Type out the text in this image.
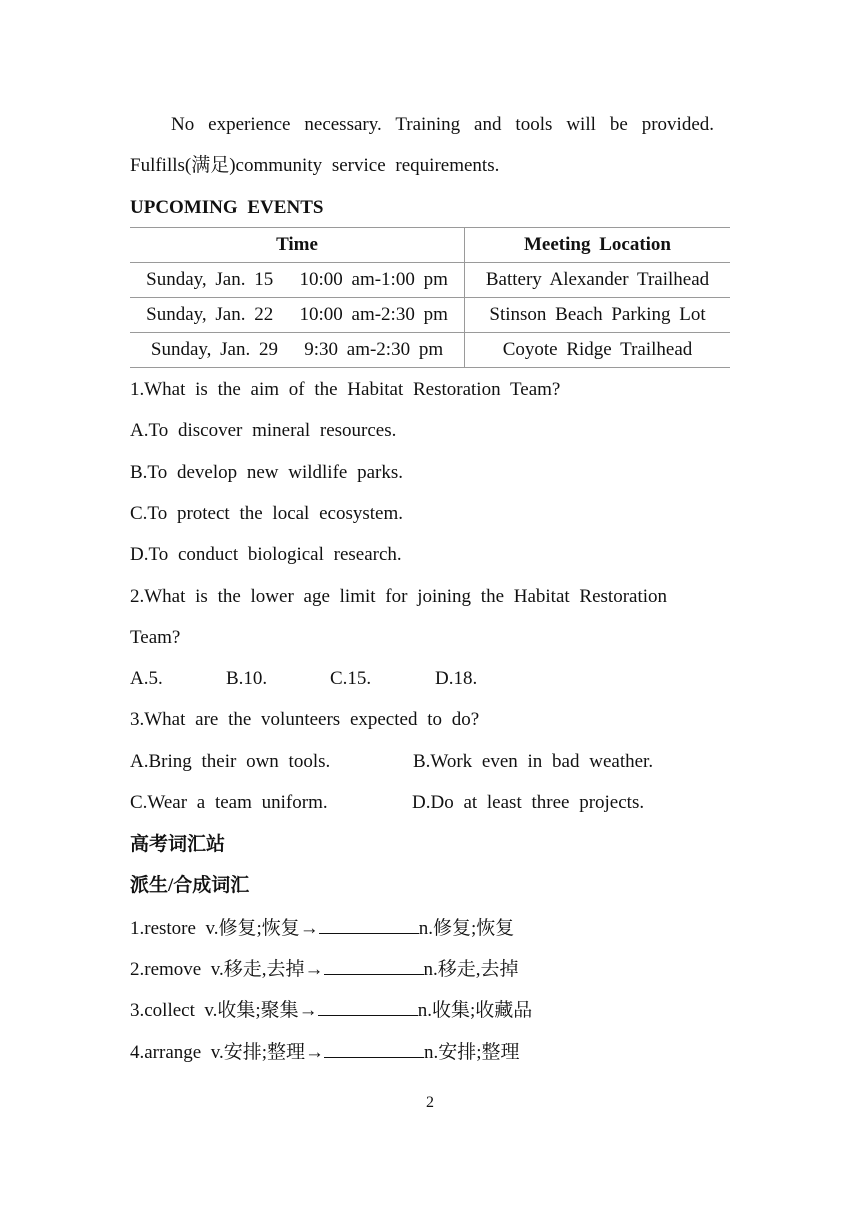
No experience necessary. Training and tools will be provided.
Fulfills(满足)community service requirements.
UPCOMING EVENTS
Time	Meeting Location
Sunday, Jan. 15   10:00 am-1:00 pm	Battery Alexander Trailhead
Sunday, Jan. 22   10:00 am-2:30 pm	Stinson Beach Parking Lot
Sunday, Jan. 29   9:30 am-2:30 pm	Coyote Ridge Trailhead
1.What is the aim of the Habitat Restoration Team?
A.To discover mineral resources.
B.To develop new wildlife parks.
C.To protect the local ecosystem.
D.To conduct biological research.
2.What is the lower age limit for joining the Habitat Restoration
Team?
A.5.	B.10.	C.15.	D.18.
3.What are the volunteers expected to do?
A.Bring their own tools.	B.Work even in bad weather.
C.Wear a team uniform.	D.Do at least three projects.
高考词汇站
派生/合成词汇
1.restore  v.修复;恢复→	n.修复;恢复
2.remove  v.移走,去掉→	n.移走,去掉
3.collect  v.收集;聚集→	n.收集;收藏品
4.arrange  v.安排;整理→	n.安排;整理
2
